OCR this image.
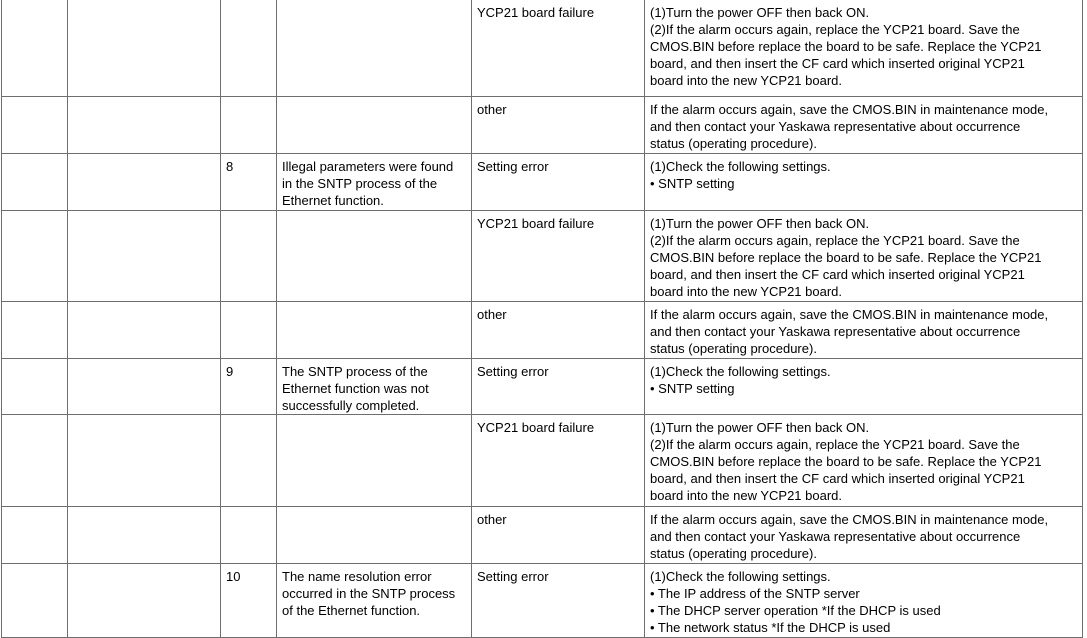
				YCP21 board failure	(1)Turn the power OFF then back ON.
(2)If the alarm occurs again, replace the YCP21 board. Save the
CMOS.BIN before replace the board to be safe. Replace the YCP21
board, and then insert the CF card which inserted original YCP21
board into the new YCP21 board.

				other	If the alarm occurs again, save the CMOS.BIN in maintenance mode,
and then contact your Yaskawa representative about occurrence
status (operating procedure).

		8	Illegal parameters were found
in the SNTP process of the
Ethernet function.	Setting error	(1)Check the following settings.
• SNTP setting

				YCP21 board failure	(1)Turn the power OFF then back ON.
(2)If the alarm occurs again, replace the YCP21 board. Save the
CMOS.BIN before replace the board to be safe. Replace the YCP21
board, and then insert the CF card which inserted original YCP21
board into the new YCP21 board.

				other	If the alarm occurs again, save the CMOS.BIN in maintenance mode,
and then contact your Yaskawa representative about occurrence
status (operating procedure).

		9	The SNTP process of the
Ethernet function was not
successfully completed.	Setting error	(1)Check the following settings.
• SNTP setting

				YCP21 board failure	(1)Turn the power OFF then back ON.
(2)If the alarm occurs again, replace the YCP21 board. Save the
CMOS.BIN before replace the board to be safe. Replace the YCP21
board, and then insert the CF card which inserted original YCP21
board into the new YCP21 board.

				other	If the alarm occurs again, save the CMOS.BIN in maintenance mode,
and then contact your Yaskawa representative about occurrence
status (operating procedure).

		10	The name resolution error
occurred in the SNTP process
of the Ethernet function.	Setting error	(1)Check the following settings.
• The IP address of the SNTP server
• The DHCP server operation *If the DHCP is used
• The network status *If the DHCP is used
